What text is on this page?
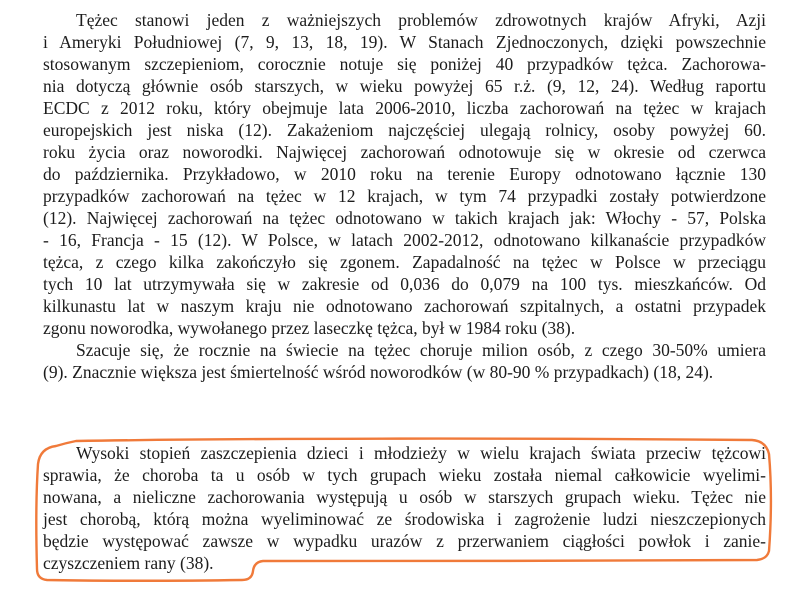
Tężec stanowi jeden z ważniejszych problemów zdrowotnych krajów Afryki, Azji
i Ameryki Południowej (7, 9, 13, 18, 19). W Stanach Zjednoczonych, dzięki powszechnie
stosowanym szczepieniom, corocznie notuje się poniżej 40 przypadków tężca. Zachorowa-
nia dotyczą głównie osób starszych, w wieku powyżej 65 r.ż. (9, 12, 24). Według raportu
ECDC z 2012 roku, który obejmuje lata 2006-2010, liczba zachorowań na tężec w krajach
europejskich jest niska (12). Zakażeniom najczęściej ulegają rolnicy, osoby powyżej 60.
roku życia oraz noworodki. Najwięcej zachorowań odnotowuje się w okresie od czerwca
do października. Przykładowo, w 2010 roku na terenie Europy odnotowano łącznie 130
przypadków zachorowań na tężec w 12 krajach, w tym 74 przypadki zostały potwierdzone
(12). Najwięcej zachorowań na tężec odnotowano w takich krajach jak: Włochy - 57, Polska
- 16, Francja - 15 (12). W Polsce, w latach 2002-2012, odnotowano kilkanaście przypadków
tężca, z czego kilka zakończyło się zgonem. Zapadalność na tężec w Polsce w przeciągu
tych 10 lat utrzymywała się w zakresie od 0,036 do 0,079 na 100 tys. mieszkańców. Od
kilkunastu lat w naszym kraju nie odnotowano zachorowań szpitalnych, a ostatni przypadek
zgonu noworodka, wywołanego przez laseczkę tężca, był w 1984 roku (38).
Szacuje się, że rocznie na świecie na tężec choruje milion osób, z czego 30-50% umiera
(9). Znacznie większa jest śmiertelność wśród noworodków (w 80-90 % przypadkach) (18, 24).
Wysoki stopień zaszczepienia dzieci i młodzieży w wielu krajach świata przeciw tężcowi
sprawia, że choroba ta u osób w tych grupach wieku została niemal całkowicie wyelimi-
nowana, a nieliczne zachorowania występują u osób w starszych grupach wieku. Tężec nie
jest chorobą, którą można wyeliminować ze środowiska i zagrożenie ludzi nieszczepionych
będzie występować zawsze w wypadku urazów z przerwaniem ciągłości powłok i zanie-
czyszczeniem rany (38).
